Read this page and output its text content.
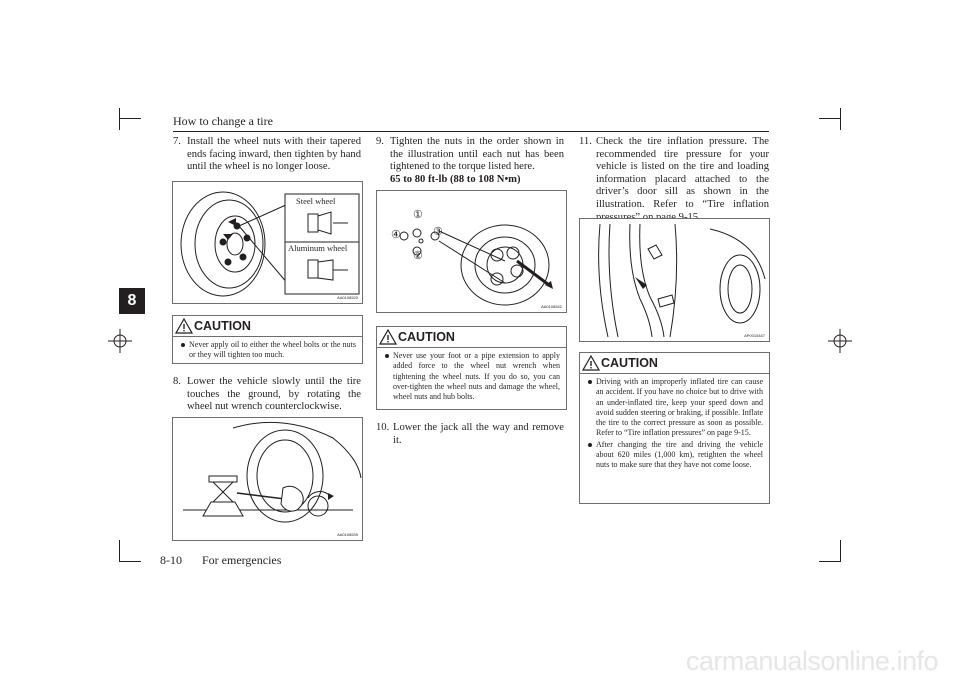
How to change a tire
8
7. Install the wheel nuts with their tapered ends facing inward, then tighten by hand until the wheel is no longer loose.
Steel wheel
Aluminum wheel
AA0108520
CAUTION
Never apply oil to either the wheel bolts or the nuts or they will tighten too much.
8. Lower the vehicle slowly until the tire touches the ground, by rotating the wheel nut wrench counterclockwise.
AA0108539
9. Tighten the nuts in the order shown in the illustration until each nut has been tightened to the torque listed here.
65 to 80 ft-lb (88 to 108 N•m)
①
②
③
④
AA0108542
CAUTION
Never use your foot or a pipe extension to apply added force to the wheel nut wrench when tightening the wheel nuts. If you do so, you can over-tighten the wheel nuts and damage the wheel, wheel nuts and hub bolts.
10. Lower the jack all the way and remove it.
11. Check the tire inflation pressure. The recommended tire pressure for your vehicle is listed on the tire and loading information placard attached to the driver’s door sill as shown in the illustration. Refer to “Tire inflation
AP0015447
CAUTION
Driving with an improperly inflated tire can cause an accident. If you have no choice but to drive with an under-inflated tire, keep your speed down and avoid sudden steering or braking, if possible. Inflate the tire to the correct pressure as soon as possible. Refer to “Tire inflation pressures” on page 9-15.
After changing the tire and driving the vehicle about 620 miles (1,000 km), retighten the wheel nuts to make sure that they have not come loose.
8-10 For emergencies
carmanualsonline.info
